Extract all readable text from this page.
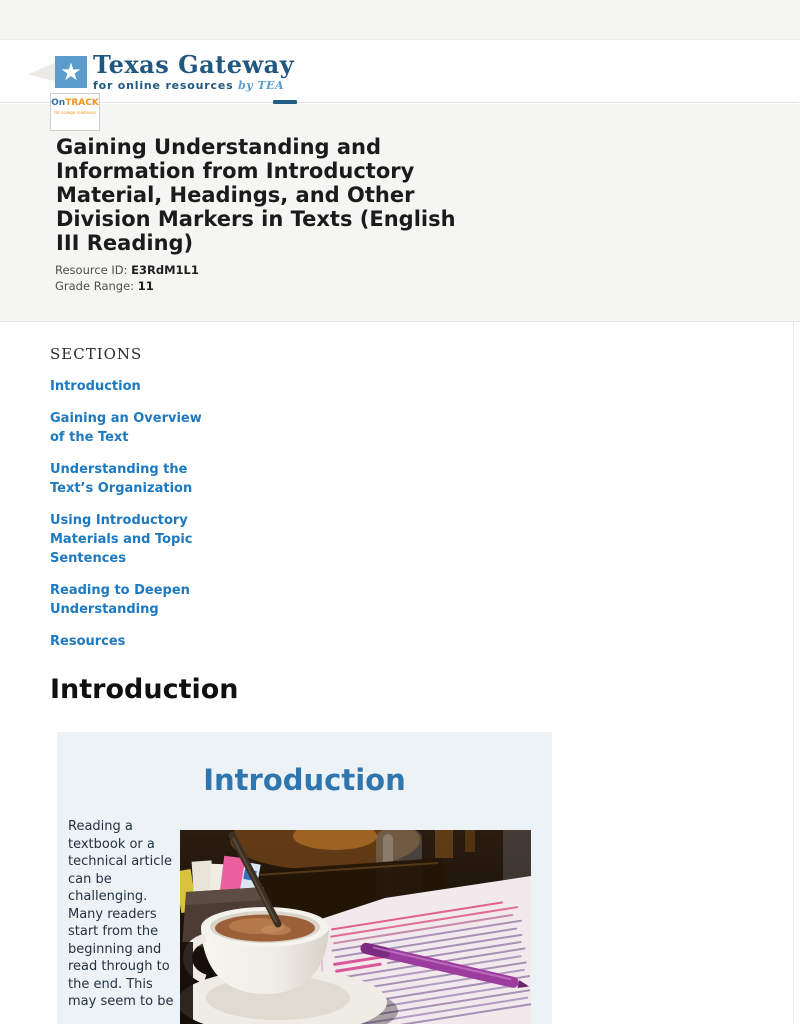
★ Texas Gateway
for online resources by TEA
OnTRACK
for college readiness
Gaining Understanding and Information from Introductory Material, Headings, and Other Division Markers in Texts (English III Reading)
Resource ID: E3RdM1L1
Grade Range: 11
SECTIONS
Introduction
Gaining an Overview of the Text
Understanding the Text’s Organization
Using Introductory Materials and Topic Sentences
Reading to Deepen Understanding
Resources
Introduction
Introduction

Reading a textbook or a technical article can be challenging. Many readers start from the beginning and read through to the end. This may seem to be
